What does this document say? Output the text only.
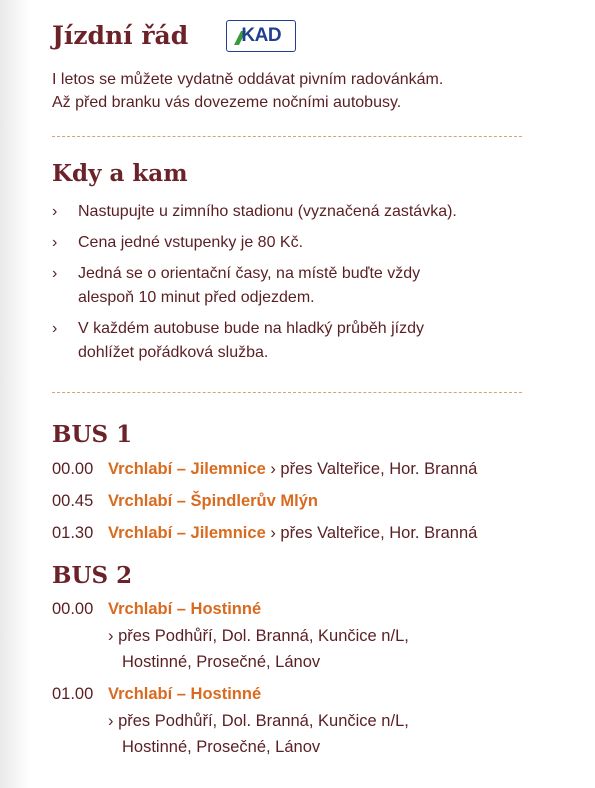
Jízdní řád	KAD
I letos se můžete vydatně oddávat pivním radovánkám.
Až před branku vás dovezeme nočními autobusy.
Kdy a kam
› Nastupujte u zimního stadionu (vyznačená zastávka).
› Cena jedné vstupenky je 80 Kč.
› Jedná se o orientační časy, na místě buďte vždy
alespoň 10 minut před odjezdem.
› V každém autobuse bude na hladký průběh jízdy
dohlížet pořádková služba.
BUS 1
00.00 Vrchlabí – Jilemnice › přes Valteřice, Hor. Branná
00.45 Vrchlabí – Špindlerův Mlýn
01.30 Vrchlabí – Jilemnice › přes Valteřice, Hor. Branná
BUS 2
00.00 Vrchlabí – Hostinné
› přes Podhůří, Dol. Branná, Kunčice n/L,
Hostinné, Prosečné, Lánov
01.00 Vrchlabí – Hostinné
› přes Podhůří, Dol. Branná, Kunčice n/L,
Hostinné, Prosečné, Lánov
